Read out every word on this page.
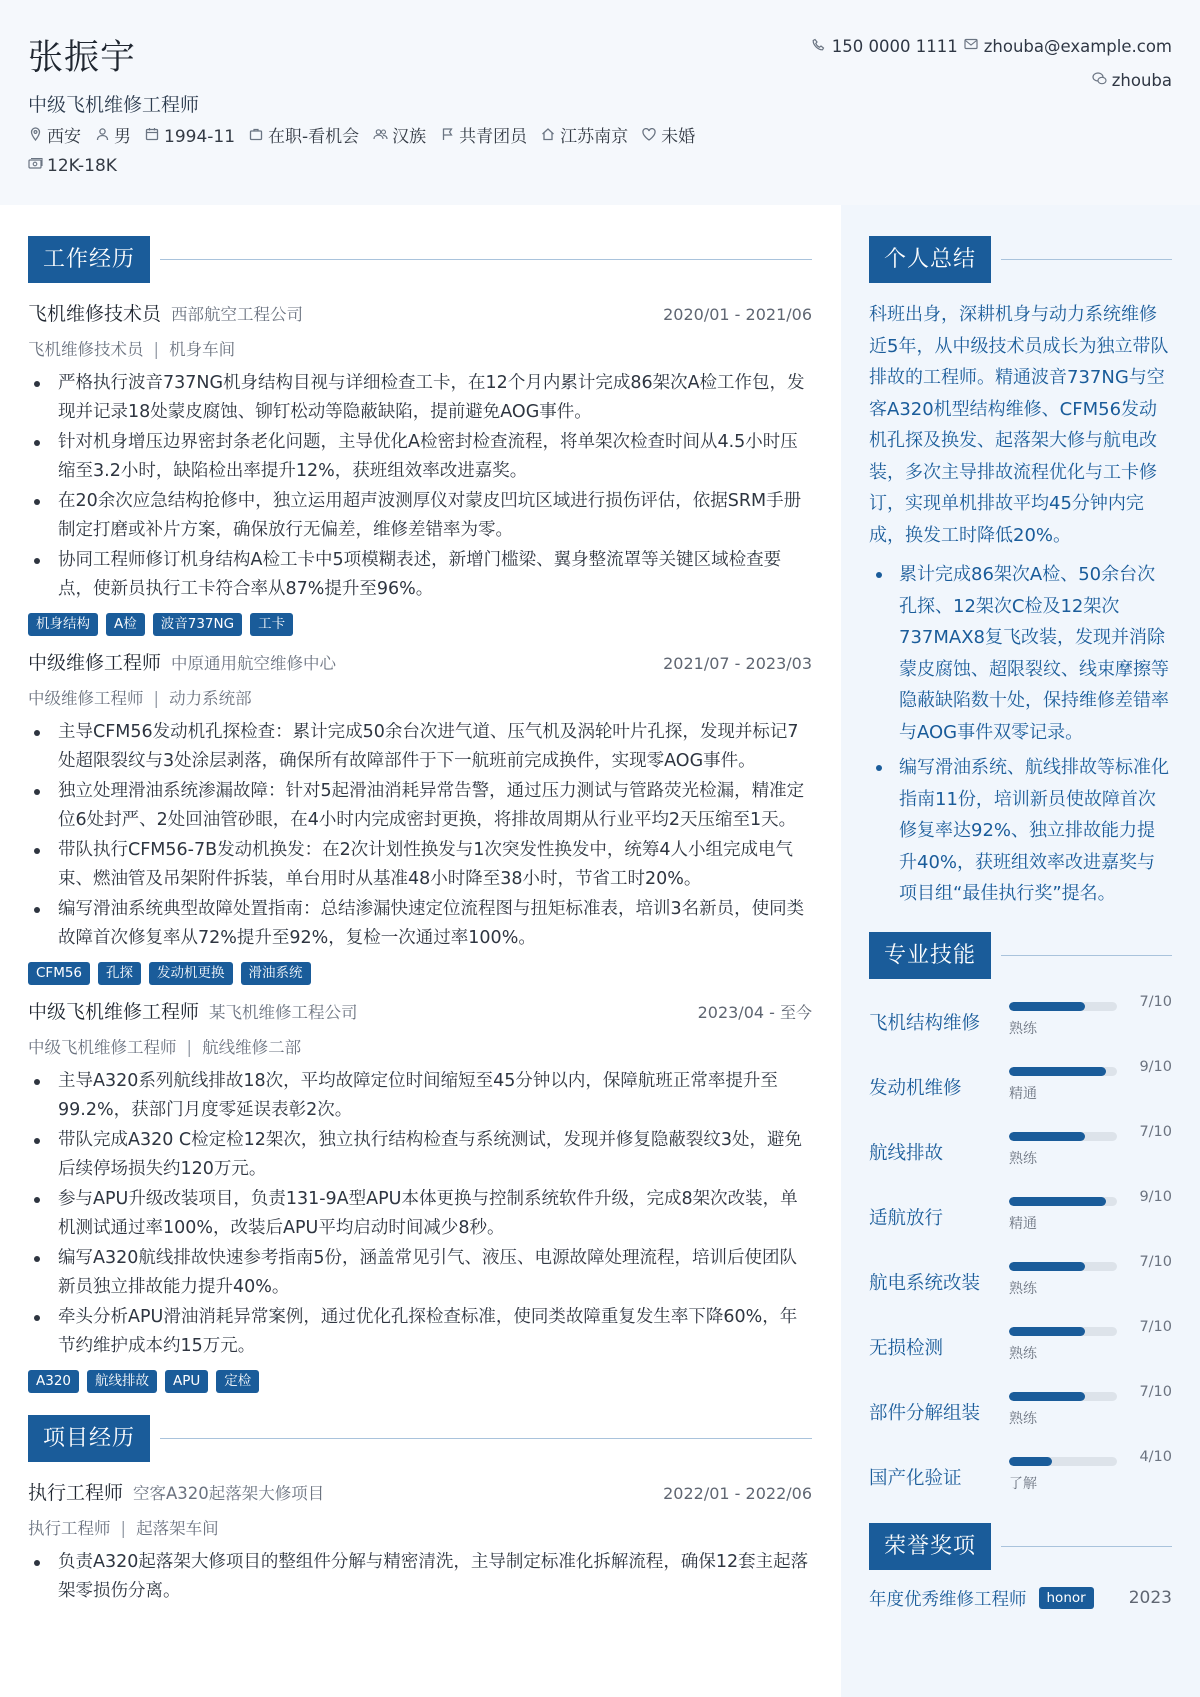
张振宇
中级飞机维修工程师
西安 男 1994-11 在职-看机会 汉族 共青团员 江苏南京 未婚
12K-18K
150 0000 1111 zhouba@example.com
zhouba
工作经历
飞机维修技术员 西部航空工程公司	2020/01 - 2021/06
飞机维修技术员 | 机身车间
严格执行波音737NG机身结构目视与详细检查工卡，在12个月内累计完成86架次A检工作包，发现并记录18处蒙皮腐蚀、铆钉松动等隐蔽缺陷，提前避免AOG事件。
针对机身增压边界密封条老化问题，主导优化A检密封检查流程，将单架次检查时间从4.5小时压缩至3.2小时，缺陷检出率提升12%，获班组效率改进嘉奖。
在20余次应急结构抢修中，独立运用超声波测厚仪对蒙皮凹坑区域进行损伤评估，依据SRM手册制定打磨或补片方案，确保放行无偏差，维修差错率为零。
协同工程师修订机身结构A检工卡中5项模糊表述，新增门槛梁、翼身整流罩等关键区域检查要点，使新员执行工卡符合率从87%提升至96%。
机身结构	A检	波音737NG	工卡
中级维修工程师 中原通用航空维修中心	2021/07 - 2023/03
中级维修工程师 | 动力系统部
主导CFM56发动机孔探检查：累计完成50余台次进气道、压气机及涡轮叶片孔探，发现并标记7处超限裂纹与3处涂层剥落，确保所有故障部件于下一航班前完成换件，实现零AOG事件。
独立处理滑油系统渗漏故障：针对5起滑油消耗异常告警，通过压力测试与管路荧光检漏，精准定位6处封严、2处回油管砂眼，在4小时内完成密封更换，将排故周期从行业平均2天压缩至1天。
带队执行CFM56-7B发动机换发：在2次计划性换发与1次突发性换发中，统筹4人小组完成电气束、燃油管及吊架附件拆装，单台用时从基准48小时降至38小时，节省工时20%。
编写滑油系统典型故障处置指南：总结渗漏快速定位流程图与扭矩标准表，培训3名新员，使同类故障首次修复率从72%提升至92%，复检一次通过率100%。
CFM56	孔探	发动机更换	滑油系统
中级飞机维修工程师 某飞机维修工程公司	2023/04 - 至今
中级飞机维修工程师 | 航线维修二部
主导A320系列航线排故18次，平均故障定位时间缩短至45分钟以内，保障航班正常率提升至99.2%，获部门月度零延误表彰2次。
带队完成A320 C检定检12架次，独立执行结构检查与系统测试，发现并修复隐蔽裂纹3处，避免后续停场损失约120万元。
参与APU升级改装项目，负责131-9A型APU本体更换与控制系统软件升级，完成8架次改装，单机测试通过率100%，改装后APU平均启动时间减少8秒。
编写A320航线排故快速参考指南5份，涵盖常见引气、液压、电源故障处理流程，培训后使团队新员独立排故能力提升40%。
牵头分析APU滑油消耗异常案例，通过优化孔探检查标准，使同类故障重复发生率下降60%，年节约维护成本约15万元。
A320	航线排故	APU	定检
项目经历
执行工程师 空客A320起落架大修项目	2022/01 - 2022/06
执行工程师 | 起落架车间
负责A320起落架大修项目的整组件分解与精密清洗，主导制定标准化拆解流程，确保12套主起落架零损伤分离。
个人总结
科班出身，深耕机身与动力系统维修近5年，从中级技术员成长为独立带队排故的工程师。精通波音737NG与空客A320机型结构维修、CFM56发动机孔探及换发、起落架大修与航电改装，多次主导排故流程优化与工卡修订，实现单机排故平均45分钟内完成，换发工时降低20%。
累计完成86架次A检、50余台次孔探、12架次C检及12架次737MAX8复飞改装，发现并消除蒙皮腐蚀、超限裂纹、线束摩擦等隐蔽缺陷数十处，保持维修差错率与AOG事件双零记录。
编写滑油系统、航线排故等标准化指南11份，培训新员使故障首次修复率达92%、独立排故能力提升40%，获班组效率改进嘉奖与项目组“最佳执行奖”提名。
专业技能
飞机结构维修	熟练
7/10
发动机维修	精通
9/10
航线排故	熟练
7/10
适航放行	精通
9/10
航电系统改装	熟练
7/10
无损检测	熟练
7/10
部件分解组装	熟练
7/10
国产化验证	了解
4/10
荣誉奖项
年度优秀维修工程师	honor	2023
